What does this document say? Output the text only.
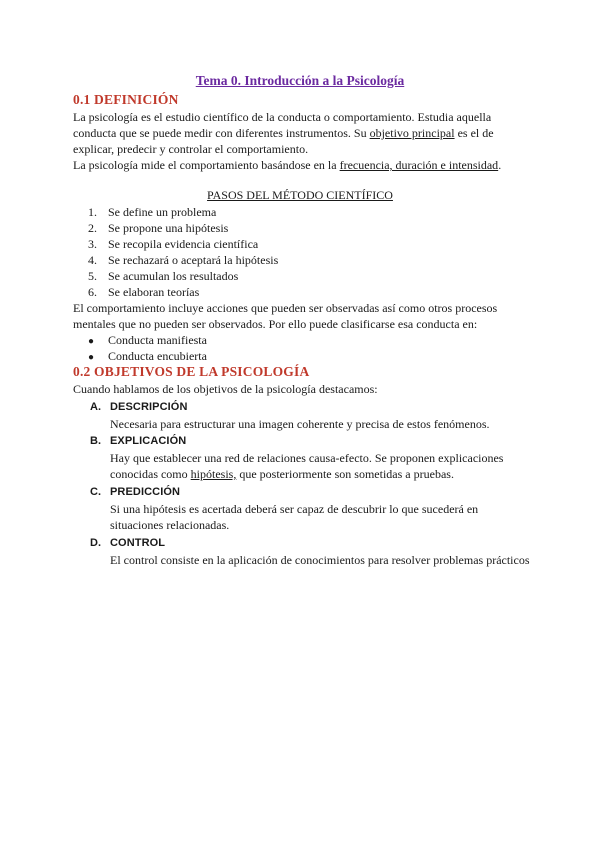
Tema 0. Introducción a la Psicología
0.1 DEFINICIÓN
La psicología es el estudio científico de la conducta o comportamiento. Estudia aquella conducta que se puede medir con diferentes instrumentos. Su objetivo principal es el de explicar, predecir y controlar el comportamiento.
La psicología mide el comportamiento basándose en la frecuencia, duración e intensidad.
PASOS DEL MÉTODO CIENTÍFICO
1. Se define un problema
2. Se propone una hipótesis
3. Se recopila evidencia científica
4. Se rechazará o aceptará la hipótesis
5. Se acumulan los resultados
6. Se elaboran teorías
El comportamiento incluye acciones que pueden ser observadas así como otros procesos mentales que no pueden ser observados. Por ello puede clasificarse esa conducta en:
● Conducta manifiesta
● Conducta encubierta
0.2 OBJETIVOS DE LA PSICOLOGÍA
Cuando hablamos de los objetivos de la psicología destacamos:
A. DESCRIPCIÓN
Necesaria para estructurar una imagen coherente y precisa de estos fenómenos.
B. EXPLICACIÓN
Hay que establecer una red de relaciones causa-efecto. Se proponen explicaciones conocidas como hipótesis, que posteriormente son sometidas a pruebas.
C. PREDICCIÓN
Si una hipótesis es acertada deberá ser capaz de descubrir lo que sucederá en situaciones relacionadas.
D. CONTROL
El control consiste en la aplicación de conocimientos para resolver problemas prácticos
